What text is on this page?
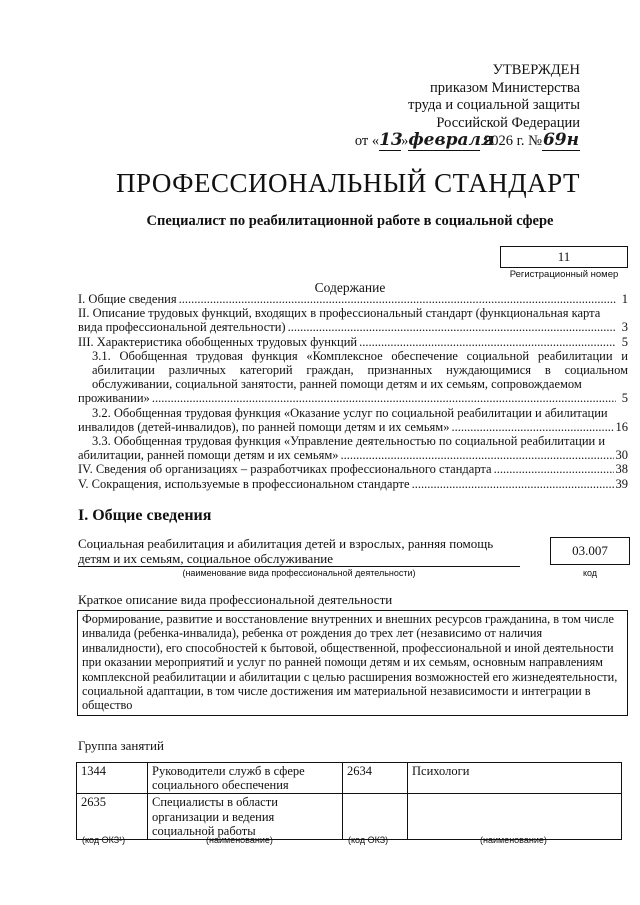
УТВЕРЖДЕН
приказом Министерства
труда и социальной защиты
Российской Федерации
от «13»февраля 2026 г. №69н
ПРОФЕССИОНАЛЬНЫЙ СТАНДАРТ
Специалист по реабилитационной работе в социальной сфере
11
Регистрационный номер
Содержание
I. Общие сведения .....	1
II. Описание трудовых функций, входящих в профессиональный стандарт (функциональная карта
вида профессиональной деятельности) .....	3
III. Характеристика обобщенных трудовых функций .....	5
3.1. Обобщенная трудовая функция «Комплексное обеспечение социальной реабилитации и абилитации различных категорий граждан, признанных нуждающимися в социальном обслуживании, социальной занятости, ранней помощи детям и их семьям, сопровождаемом
проживании» .....	5
3.2. Обобщенная трудовая функция «Оказание услуг по социальной реабилитации и абилитации
инвалидов (детей-инвалидов), по ранней помощи детям и их семьям» .....	16
3.3. Обобщенная трудовая функция «Управление деятельностью по социальной реабилитации и
абилитации, ранней помощи детям и их семьям» .....	30
IV. Сведения об организациях – разработчиках профессионального стандарта .....	38
V. Сокращения, используемые в профессиональном стандарте .....	39
I. Общие сведения
Социальная реабилитация и абилитация детей и взрослых, ранняя помощь детям и их семьям, социальное обслуживание
(наименование вида профессиональной деятельности)
03.007
код
Краткое описание вида профессиональной деятельности
Формирование, развитие и восстановление внутренних и внешних ресурсов гражданина, в том числе инвалида (ребенка-инвалида), ребенка от рождения до трех лет (независимо от наличия инвалидности), его способностей к бытовой, общественной, профессиональной и иной деятельности при оказании мероприятий и услуг по ранней помощи детям и их семьям, основным направлениям комплексной реабилитации и абилитации с целью расширения возможностей его жизнедеятельности, социальной адаптации, в том числе достижения им материальной независимости и интеграции в общество
Группа занятий
1344	Руководители служб в сфере социального обеспечения	2634	Психологи
2635	Специалисты в области организации и ведения социальной работы		
(код ОКЗ¹)	(наименование)	(код ОКЗ)	(наименование)
